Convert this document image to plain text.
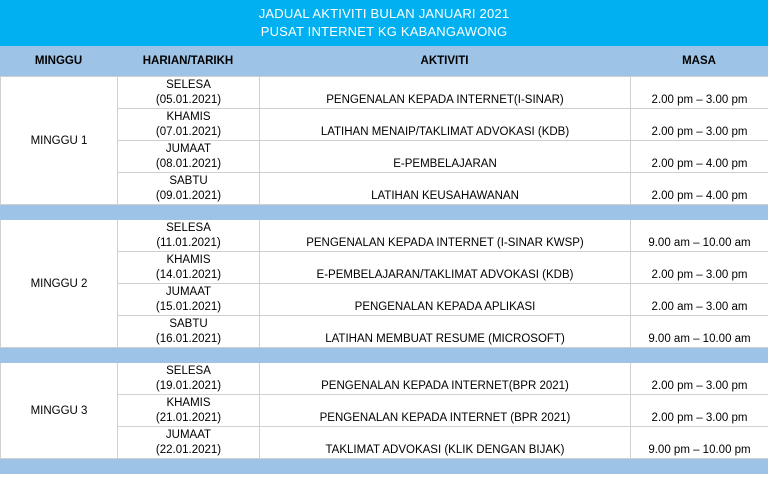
JADUAL AKTIVITI BULAN JANUARI 2021
PUSAT INTERNET KG KABANGAWONG
MINGGU	HARIAN/TARIKH	AKTIVITI	MASA
MINGGU 1	SELESA
(05.01.2021)	PENGENALAN KEPADA INTERNET(I-SINAR)	2.00 pm – 3.00 pm

	KHAMIS
(07.01.2021)	LATIHAN MENAIP/TAKLIMAT ADVOKASI (KDB)	2.00 pm – 3.00 pm

	JUMAAT
(08.01.2021)	E-PEMBELAJARAN	2.00 pm – 4.00 pm

	SABTU
(09.01.2021)	LATIHAN KEUSAHAWANAN	2.00 pm – 4.00 pm

MINGGU 2	SELESA
(11.01.2021)	PENGENALAN KEPADA INTERNET (I-SINAR KWSP)	9.00 am – 10.00 am

	KHAMIS
(14.01.2021)	E-PEMBELAJARAN/TAKLIMAT ADVOKASI (KDB)	2.00 pm – 3.00 pm

	JUMAAT
(15.01.2021)	PENGENALAN KEPADA APLIKASI	2.00 am – 3.00 am

	SABTU
(16.01.2021)	LATIHAN MEMBUAT RESUME (MICROSOFT)	9.00 am – 10.00 am

MINGGU 3	SELESA
(19.01.2021)	PENGENALAN KEPADA INTERNET(BPR 2021)	2.00 pm – 3.00 pm

	KHAMIS
(21.01.2021)	PENGENALAN KEPADA INTERNET (BPR 2021)	2.00 pm – 3.00 pm

	JUMAAT
(22.01.2021)	TAKLIMAT ADVOKASI (KLIK DENGAN BIJAK)	9.00 pm – 10.00 pm
